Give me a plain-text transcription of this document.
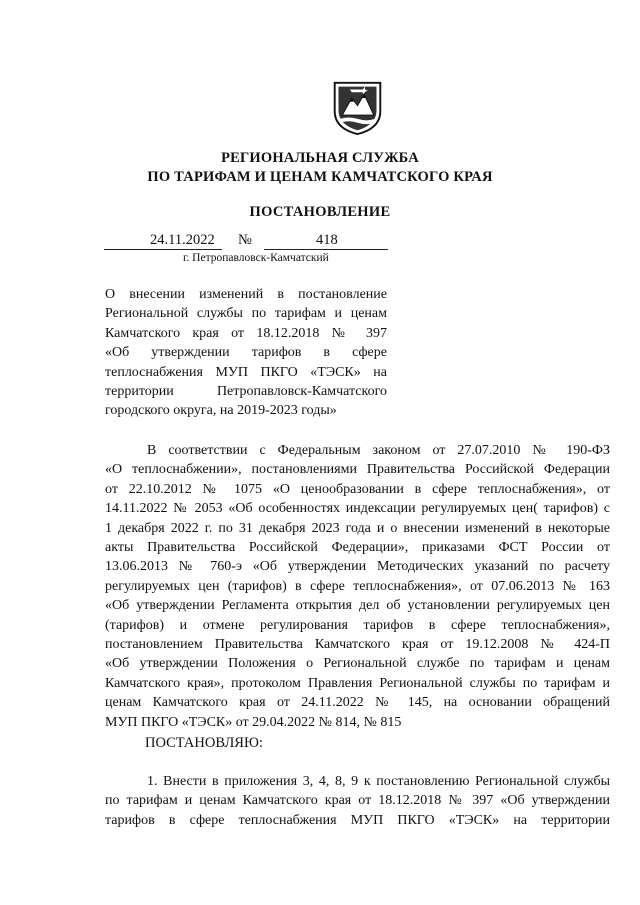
РЕГИОНАЛЬНАЯ СЛУЖБА
ПО ТАРИФАМ И ЦЕНАМ КАМЧАТСКОГО КРАЯ
ПОСТАНОВЛЕНИЕ
24.11.2022 №	418
г. Петропавловск-Камчатский
О внесении изменений в постановление
Региональной службы по тарифам и ценам
Камчатского края от 18.12.2018 № 397
«Об утверждении тарифов в сфере
теплоснабжения МУП ПКГО «ТЭСК» на
территории Петропавловск-Камчатского
городского округа, на 2019-2023 годы»
В соответствии с Федеральным законом от 27.07.2010 № 190-ФЗ
«О теплоснабжении», постановлениями Правительства Российской Федерации
от 22.10.2012 № 1075 «О ценообразовании в сфере теплоснабжения», от
14.11.2022 № 2053 «Об особенностях индексации регулируемых цен( тарифов) с
1 декабря 2022 г. по 31 декабря 2023 года и о внесении изменений в некоторые
акты Правительства Российской Федерации», приказами ФСТ России от
13.06.2013 № 760-э «Об утверждении Методических указаний по расчету
регулируемых цен (тарифов) в сфере теплоснабжения», от 07.06.2013 № 163
«Об утверждении Регламента открытия дел об установлении регулируемых цен
(тарифов) и отмене регулирования тарифов в сфере теплоснабжения»,
постановлением Правительства Камчатского края от 19.12.2008 № 424-П
«Об утверждении Положения о Региональной службе по тарифам и ценам
Камчатского края», протоколом Правления Региональной службы по тарифам и
ценам Камчатского края от 24.11.2022 № 145, на основании обращений
МУП ПКГО «ТЭСК» от 29.04.2022 № 814, № 815
ПОСТАНОВЛЯЮ:
1. Внести в приложения 3, 4, 8, 9 к постановлению Региональной службы
по тарифам и ценам Камчатского края от 18.12.2018 № 397 «Об утверждении
тарифов в сфере теплоснабжения МУП ПКГО «ТЭСК» на территории
